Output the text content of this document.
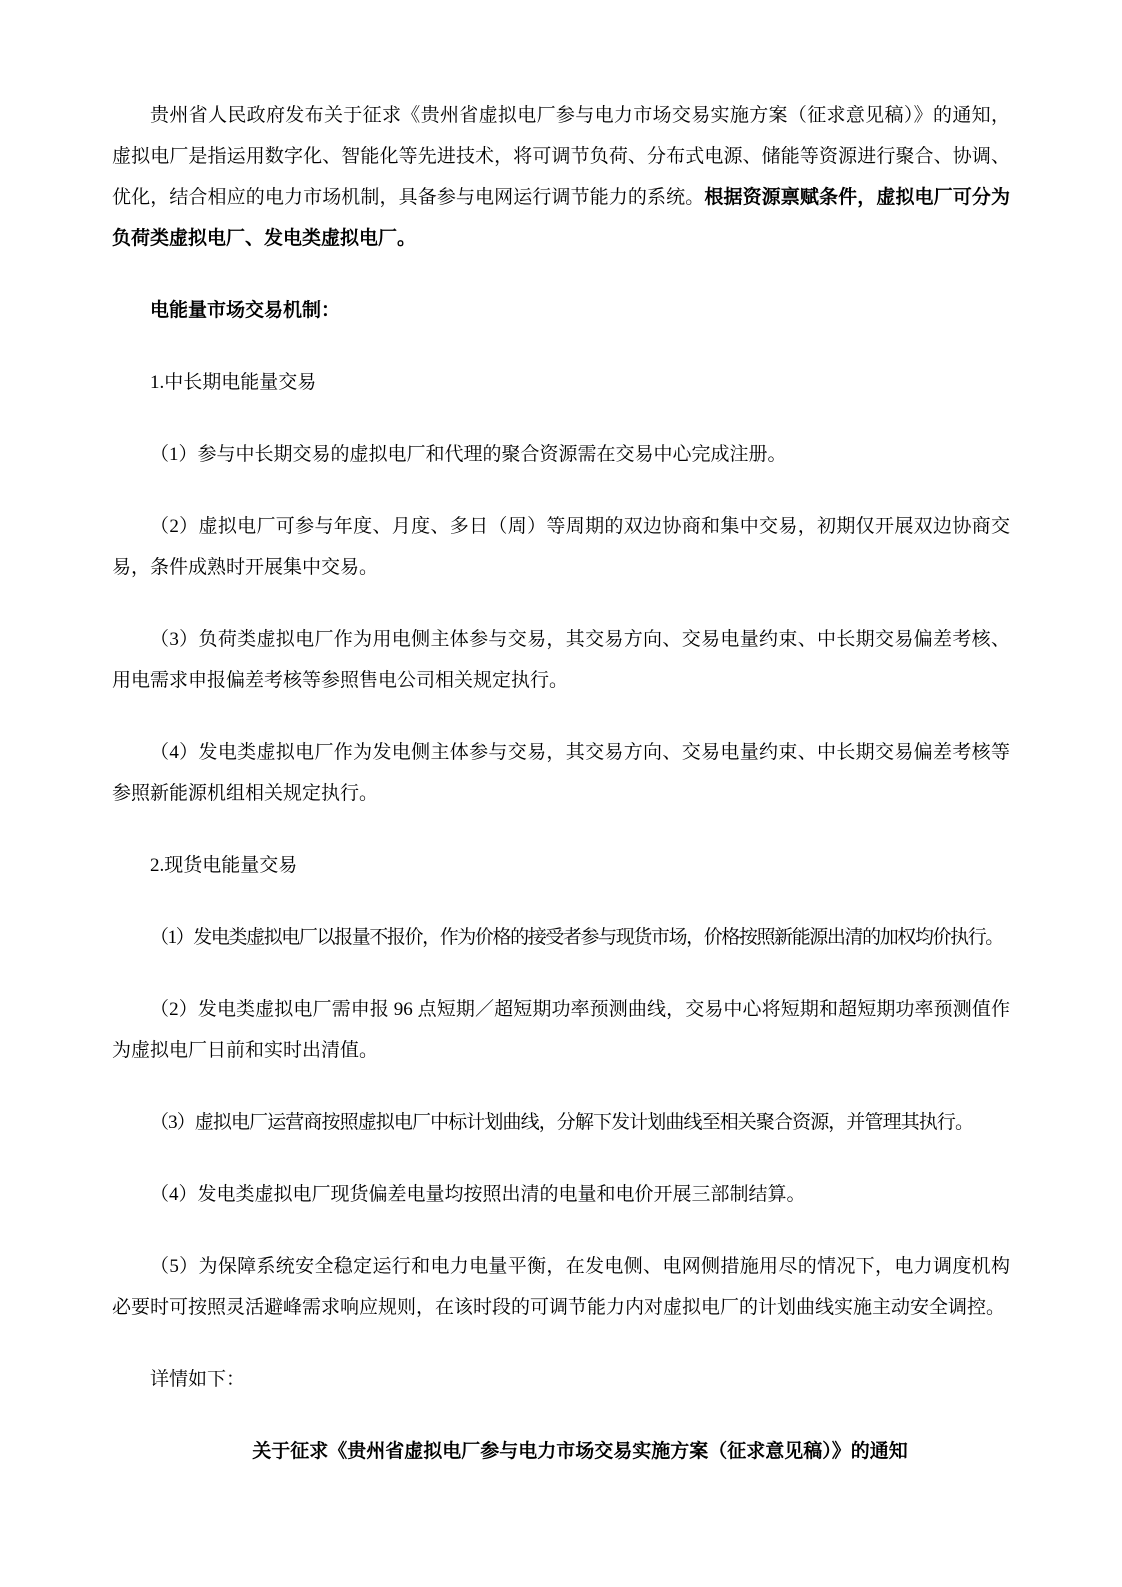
贵州省人民政府发布关于征求《贵州省虚拟电厂参与电力市场交易实施方案（征求意见稿）》的通知，虚拟电厂是指运用数字化、智能化等先进技术，将可调节负荷、分布式电源、储能等资源进行聚合、协调、优化，结合相应的电力市场机制，具备参与电网运行调节能力的系统。根据资源禀赋条件，虚拟电厂可分为负荷类虚拟电厂、发电类虚拟电厂。

电能量市场交易机制：

1.中长期电能量交易

（1）参与中长期交易的虚拟电厂和代理的聚合资源需在交易中心完成注册。

（2）虚拟电厂可参与年度、月度、多日（周）等周期的双边协商和集中交易，初期仅开展双边协商交易，条件成熟时开展集中交易。

（3）负荷类虚拟电厂作为用电侧主体参与交易，其交易方向、交易电量约束、中长期交易偏差考核、用电需求申报偏差考核等参照售电公司相关规定执行。

（4）发电类虚拟电厂作为发电侧主体参与交易，其交易方向、交易电量约束、中长期交易偏差考核等参照新能源机组相关规定执行。

2.现货电能量交易

（1）发电类虚拟电厂以报量不报价，作为价格的接受者参与现货市场，价格按照新能源出清的加权均价执行。

（2）发电类虚拟电厂需申报 96 点短期／超短期功率预测曲线，交易中心将短期和超短期功率预测值作为虚拟电厂日前和实时出清值。

（3）虚拟电厂运营商按照虚拟电厂中标计划曲线，分解下发计划曲线至相关聚合资源，并管理其执行。

（4）发电类虚拟电厂现货偏差电量均按照出清的电量和电价开展三部制结算。

（5）为保障系统安全稳定运行和电力电量平衡，在发电侧、电网侧措施用尽的情况下，电力调度机构必要时可按照灵活避峰需求响应规则，在该时段的可调节能力内对虚拟电厂的计划曲线实施主动安全调控。

详情如下：

关于征求《贵州省虚拟电厂参与电力市场交易实施方案（征求意见稿）》的通知
